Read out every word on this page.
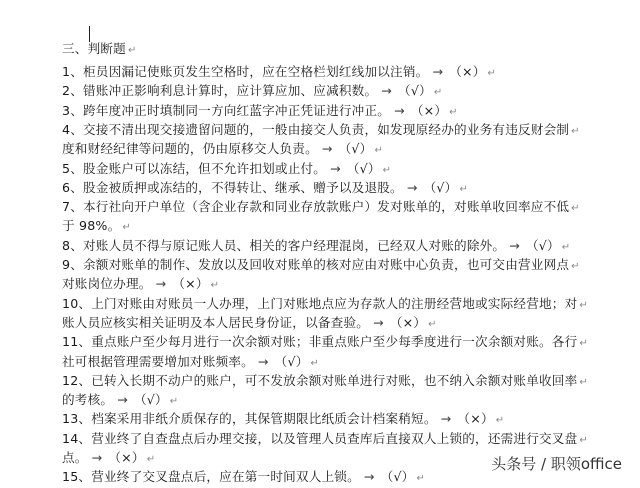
三、判断题 ↵
1、柜员因漏记使账页发生空格时，应在空格栏划红线加以注销。 → （×） ↵
2、错账冲正影响利息计算时，应计算应加、应减积数。 → （√） ↵
3、跨年度冲正时填制同一方向红蓝字冲正凭证进行冲正。 → （×） ↵
4、交接不清出现交接遗留问题的，一般由接交人负责，如发现原经办的业务有违反财会制 ↵
度和财经纪律等问题的，仍由原移交人负责。 → （√） ↵
5、股金账户可以冻结，但不允许扣划或止付。 → （√） ↵
6、股金被质押或冻结的，不得转让、继承、赠予以及退股。 → （√） ↵
7、本行社向开户单位（含企业存款和同业存放款账户）发对账单的，对账单收回率应不低 ↵
于 98%。 ↵
8、对账人员不得与原记账人员、相关的客户经理混岗，已经双人对账的除外。 → （√） ↵
9、余额对账单的制作、发放以及回收对账单的核对应由对账中心负责，也可交由营业网点 ↵
对账岗位办理。 → （×） ↵
10、上门对账由对账员一人办理，上门对账地点应为存款人的注册经营地或实际经营地；对 ↵
账人员应核实相关证明及本人居民身份证，以备查验。 → （×） ↵
11、重点账户至少每月进行一次余额对账；非重点账户至少每季度进行一次余额对账。各行 ↵
社可根据管理需要增加对账频率。 → （√） ↵
12、已转入长期不动户的账户，可不发放余额对账单进行对账，也不纳入余额对账单收回率 ↵
的考核。 → （√） ↵
13、档案采用非纸介质保存的，其保管期限比纸质会计档案稍短。 → （×） ↵
14、营业终了自查盘点后办理交接，以及管理人员查库后直接双人上锁的，还需进行交叉盘 ↵
点。 → （×） ↵
15、营业终了交叉盘点后，应在第一时间双人上锁。 → （√） ↵
头条号 / 职领office
